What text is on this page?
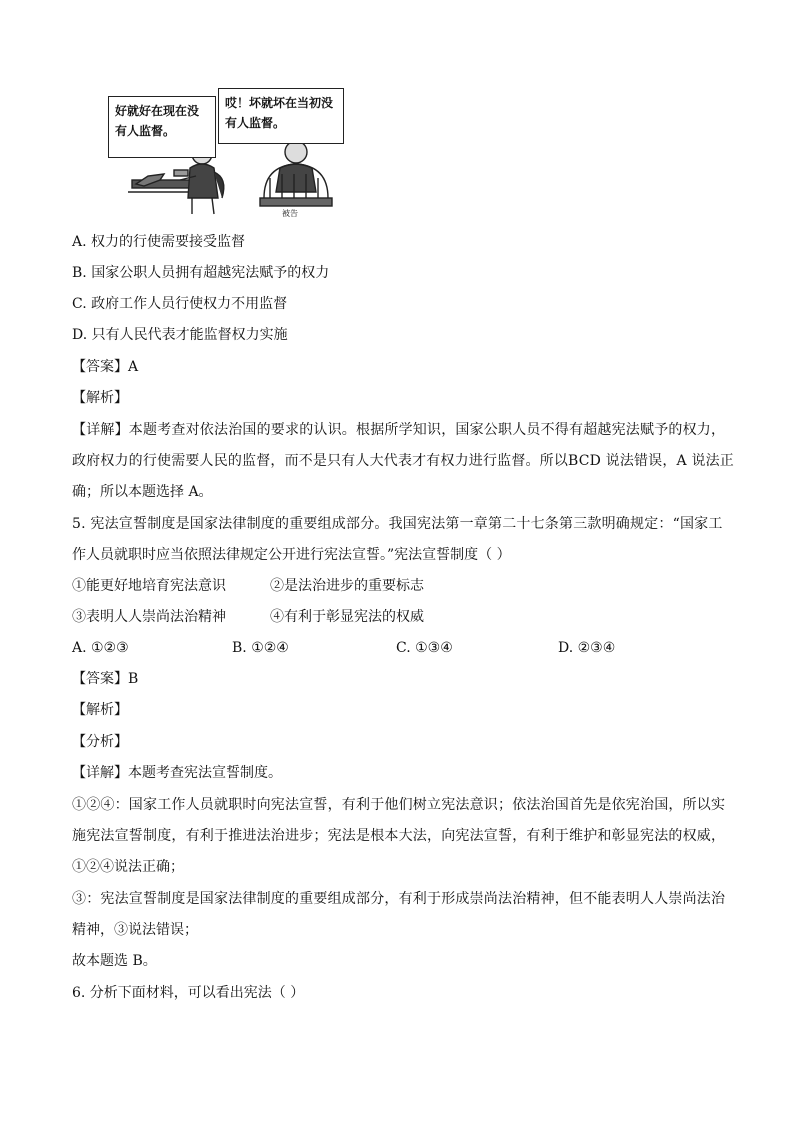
好就好在现在没
有人监督。
哎！坏就坏在当初没
有人监督。
被告
A. 权力的行使需要接受监督
B. 国家公职人员拥有超越宪法赋予的权力
C. 政府工作人员行使权力不用监督
D. 只有人民代表才能监督权力实施
【答案】A
【解析】
【详解】本题考查对依法治国的要求的认识。根据所学知识，国家公职人员不得有超越宪法赋予的权力，
政府权力的行使需要人民的监督，而不是只有人大代表才有权力进行监督。所以BCD 说法错误，A 说法正
确；所以本题选择 A。
5. 宪法宣誓制度是国家法律制度的重要组成部分。我国宪法第一章第二十七条第三款明确规定：“国家工
作人员就职时应当依照法律规定公开进行宪法宣誓。”宪法宣誓制度（ ）
①能更好地培育宪法意识	②是法治进步的重要标志
③表明人人崇尚法治精神	④有利于彰显宪法的权威
A. ①②③	B. ①②④	C. ①③④	D. ②③④
【答案】B
【解析】
【分析】
【详解】本题考查宪法宣誓制度。
①②④：国家工作人员就职时向宪法宣誓，有利于他们树立宪法意识；依法治国首先是依宪治国，所以实
施宪法宣誓制度，有利于推进法治进步；宪法是根本大法，向宪法宣誓，有利于维护和彰显宪法的权威，
①②④说法正确；
③：宪法宣誓制度是国家法律制度的重要组成部分，有利于形成崇尚法治精神，但不能表明人人崇尚法治
精神，③说法错误；
故本题选 B。
6. 分析下面材料，可以看出宪法（ ）
